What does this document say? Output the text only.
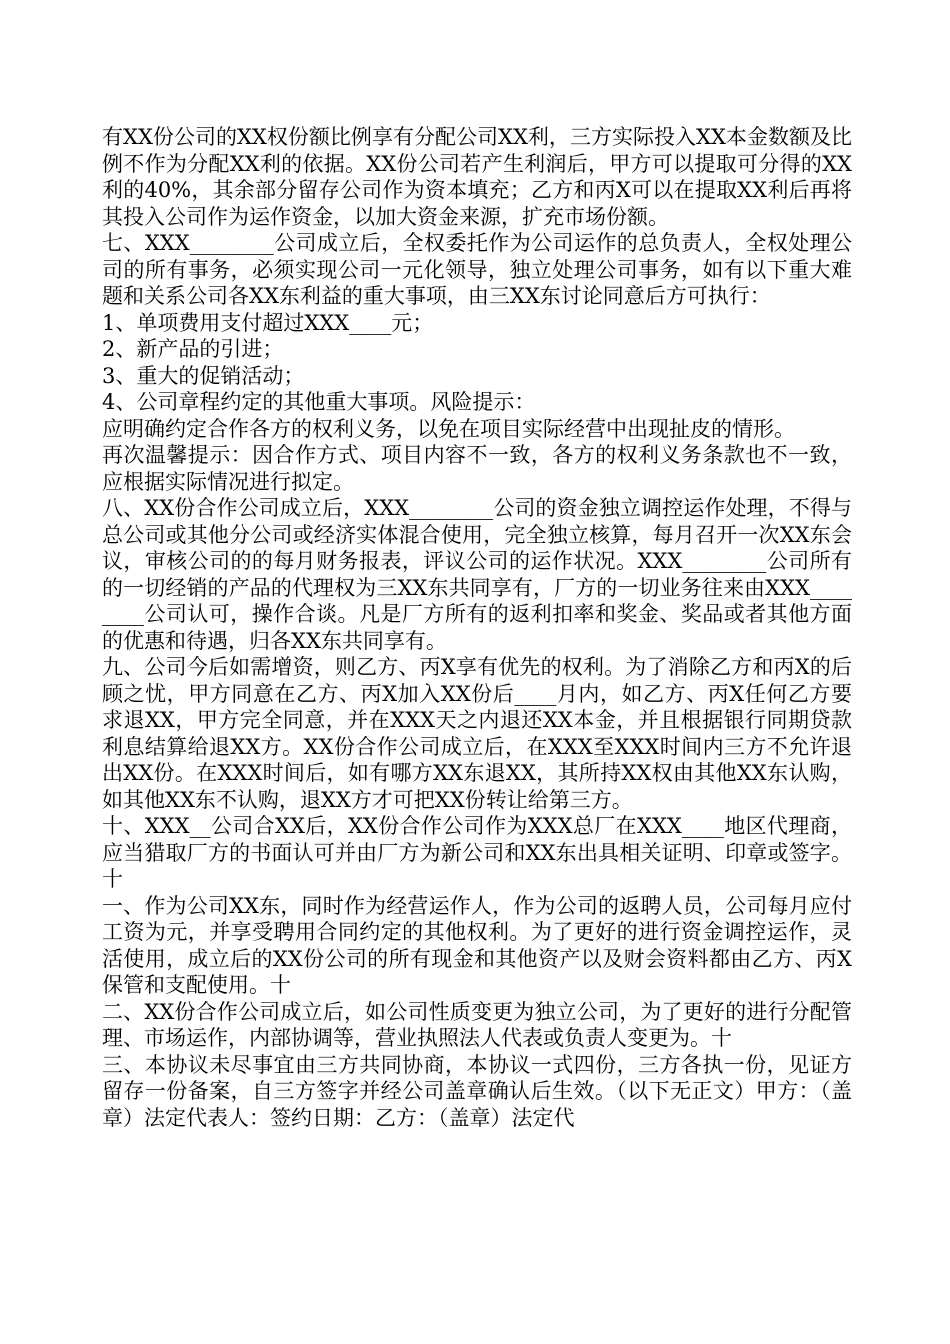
有XX份公司的XX权份额比例享有分配公司XX利，三方实际投入XX本金数额及比例不作为分配XX利的依据。XX份公司若产生利润后，甲方可以提取可分得的XX利的40%，其余部分留存公司作为资本填充；乙方和丙X可以在提取XX利后再将其投入公司作为运作资金，以加大资金来源，扩充市场份额。

七、XXX________公司成立后，全权委托作为公司运作的总负责人，全权处理公司的所有事务，必须实现公司一元化领导，独立处理公司事务，如有以下重大难题和关系公司各XX东利益的重大事项，由三XX东讨论同意后方可执行：

1、单项费用支付超过XXX____元；

2、新产品的引进；

3、重大的促销活动；

4、公司章程约定的其他重大事项。风险提示：

应明确约定合作各方的权利义务，以免在项目实际经营中出现扯皮的情形。

再次温馨提示：因合作方式、项目内容不一致，各方的权利义务条款也不一致，应根据实际情况进行拟定。

八、XX份合作公司成立后，XXX________公司的资金独立调控运作处理，不得与总公司或其他分公司或经济实体混合使用，完全独立核算，每月召开一次XX东会议，审核公司的的每月财务报表，评议公司的运作状况。XXX________公司所有的一切经销的产品的代理权为三XX东共同享有，厂方的一切业务往来由XXX________公司认可，操作合谈。凡是厂方所有的返利扣率和奖金、奖品或者其他方面的优惠和待遇，归各XX东共同享有。

九、公司今后如需增资，则乙方、丙X享有优先的权利。为了消除乙方和丙X的后顾之忧，甲方同意在乙方、丙X加入XX份后____月内，如乙方、丙X任何乙方要求退XX，甲方完全同意，并在XXX天之内退还XX本金，并且根据银行同期贷款利息结算给退XX方。XX份合作公司成立后，在XXX至XXX时间内三方不允许退出XX份。在XXX时间后，如有哪方XX东退XX，其所持XX权由其他XX东认购，如其他XX东不认购，退XX方才可把XX份转让给第三方。

十、XXX__公司合XX后，XX份合作公司作为XXX总厂在XXX____地区代理商，应当猎取厂方的书面认可并由厂方为新公司和XX东出具相关证明、印章或签字。十

一、作为公司XX东，同时作为经营运作人，作为公司的返聘人员，公司每月应付工资为元，并享受聘用合同约定的其他权利。为了更好的进行资金调控运作，灵活使用，成立后的XX份公司的所有现金和其他资产以及财会资料都由乙方、丙X保管和支配使用。十

二、XX份合作公司成立后，如公司性质变更为独立公司，为了更好的进行分配管理、市场运作，内部协调等，营业执照法人代表或负责人变更为。十

三、本协议未尽事宜由三方共同协商，本协议一式四份，三方各执一份，见证方留存一份备案，自三方签字并经公司盖章确认后生效。（以下无正文）甲方：（盖章）法定代表人：签约日期：乙方：（盖章）法定代
